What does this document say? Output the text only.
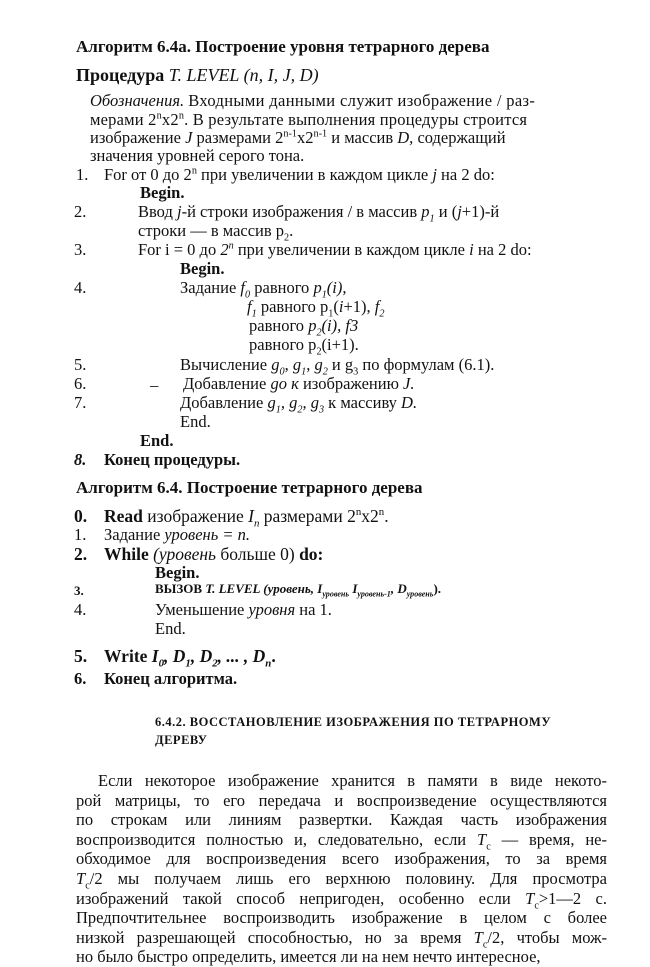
Алгоритм 6.4а. Построение уровня тетрарного дерева
Процедура T. LEVEL (n, I, J, D)
Обозначения. Входными данными служит изображение / раз-
мерами 2$^n$x2$^n$. В результате выполнения процедуры строится
изображение J размерами 2$^{n-1}$x2$^{n-1}$ и массив D, содержащий
значения уровней серого тона.
1. For от 0 до 2$^n$ при увеличении в каждом цикле j на 2 do:
Begin.
2.	Ввод j-й строки изображения / в массив $p_1$ и (j+1)-й
строки — в массив $p_2$.
3.	For i = 0 до 2$^n$ при увеличении в каждом цикле i на 2 do:
Begin.
4.	Задание $f_0$ равного $p_1(i)$,
$f_1$ равного $p_1(i+1)$, $f_2$
равного $p_2(i)$, f3
равного $p_2(i+1)$.
5.	Вычисление $g_0$, $g_1$, $g_2$ и $g_3$ по формулам (6.1).
6.	_ Добавление go к изображению J.
7.	Добавление $g_1$, $g_2$, $g_3$ к массиву D.
End.
End.
8. Конец процедуры.
Алгоритм 6.4. Построение тетрарного дерева
0. Read изображение $I_n$ размерами 2$^n$x2$^n$.
1. Задание уровень = n.
2. While (уровень больше 0) do:
Begin.
3.	ВЫЗОВ T. LEVEL (уровень, $I_{уровень}$ $I_{уровень-1}$, $D_{уровень}$).
4.	Уменьшение уровня на 1.
End.
5. Write $I_0$, $D_1$, $D_2$, ... , $D_n$.
6. Конец алгоритма.
6.4.2. ВОССТАНОВЛЕНИЕ ИЗОБРАЖЕНИЯ ПО ТЕТРАРНОМУ
ДЕРЕВУ
Если некоторое изображение хранится в памяти в виде некото-
рой матрицы, то его передача и воспроизведение осуществляются
по строкам или линиям развертки. Каждая часть изображения
воспроизводится полностью и, следовательно, если $T_c$ — время, не-
обходимое для воспроизведения всего изображения, то за время
$T_c/2$ мы получаем лишь его верхнюю половину. Для просмотра
изображений такой способ непригоден, особенно если $T_c>1—2$ с.
Предпочтительнее воспроизводить изображение в целом с более
низкой разрешающей способностью, но за время $T_c/2$, чтобы мож-
но было быстро определить, имеется ли на нем нечто интересное,
